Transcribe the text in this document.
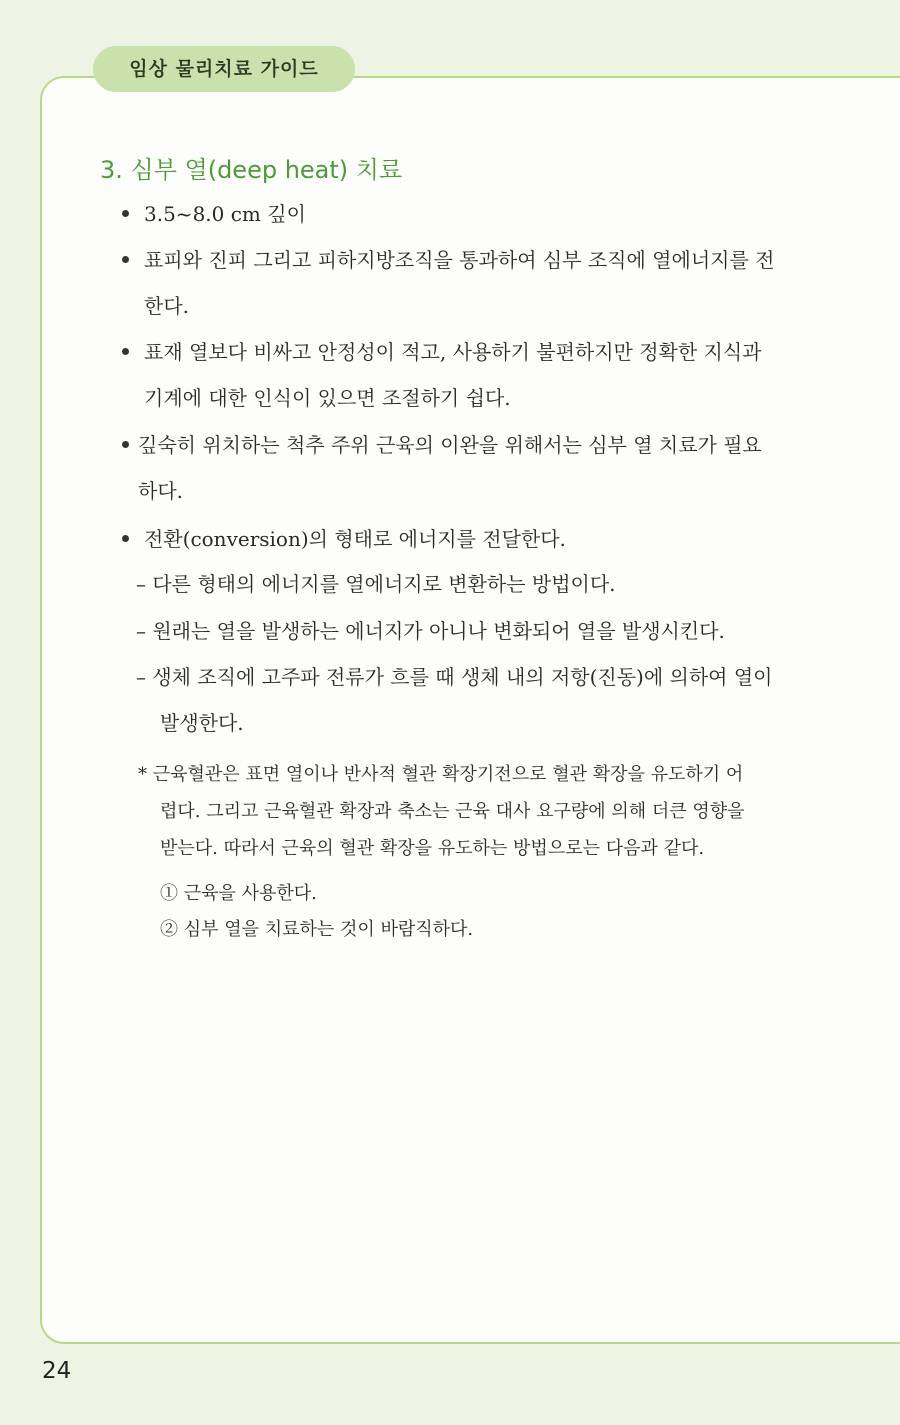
임상 물리치료 가이드
3. 심부 열(deep heat) 치료
3.5~8.0 cm 깊이
표피와 진피 그리고 피하지방조직을 통과하여 심부 조직에 열에너지를 전
한다.
표재 열보다 비싸고 안정성이 적고, 사용하기 불편하지만 정확한 지식과
기계에 대한 인식이 있으면 조절하기 쉽다.
깊숙히 위치하는 척추 주위 근육의 이완을 위해서는 심부 열 치료가 필요
하다.
전환(conversion)의 형태로 에너지를 전달한다.
– 다른 형태의 에너지를 열에너지로 변환하는 방법이다.
– 원래는 열을 발생하는 에너지가 아니나 변화되어 열을 발생시킨다.
– 생체 조직에 고주파 전류가 흐를 때 생체 내의 저항(진동)에 의하여 열이
발생한다.
* 근육혈관은 표면 열이나 반사적 혈관 확장기전으로 혈관 확장을 유도하기 어
렵다. 그리고 근육혈관 확장과 축소는 근육 대사 요구량에 의해 더큰 영향을
받는다. 따라서 근육의 혈관 확장을 유도하는 방법으로는 다음과 같다.
① 근육을 사용한다.
② 심부 열을 치료하는 것이 바람직하다.
24
